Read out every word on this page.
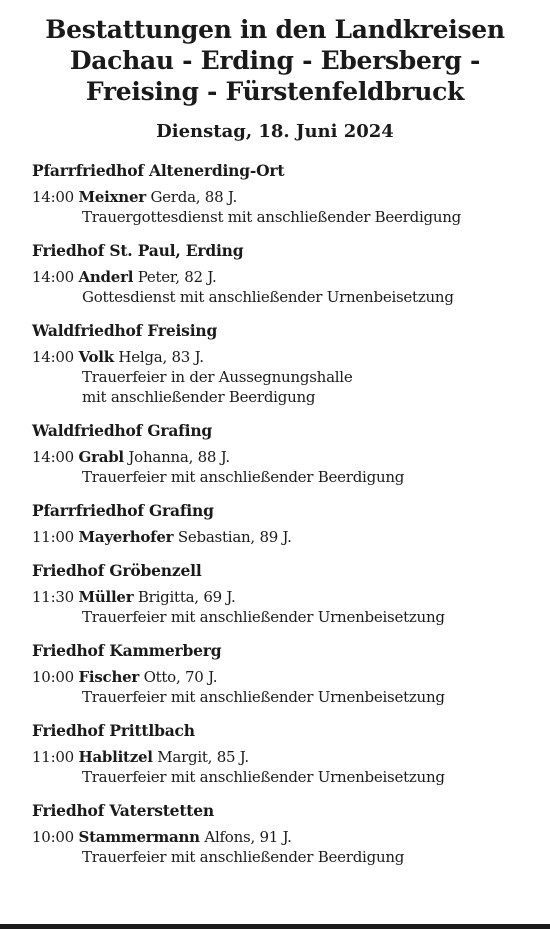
Bestattungen in den Landkreisen
Dachau - Erding - Ebersberg -
Freising - Fürstenfeldbruck
Dienstag, 18. Juni 2024
Pfarrfriedhof Altenerding-Ort
14:00 Meixner Gerda, 88 J.
Trauergottesdienst mit anschließender Beerdigung
Friedhof St. Paul, Erding
14:00 Anderl Peter, 82 J.
Gottesdienst mit anschließender Urnenbeisetzung
Waldfriedhof Freising
14:00 Volk Helga, 83 J.
Trauerfeier in der Aussegnungshalle
mit anschließender Beerdigung
Waldfriedhof Grafing
14:00 Grabl Johanna, 88 J.
Trauerfeier mit anschließender Beerdigung
Pfarrfriedhof Grafing
11:00 Mayerhofer Sebastian, 89 J.
Friedhof Gröbenzell
11:30 Müller Brigitta, 69 J.
Trauerfeier mit anschließender Urnenbeisetzung
Friedhof Kammerberg
10:00 Fischer Otto, 70 J.
Trauerfeier mit anschließender Urnenbeisetzung
Friedhof Prittlbach
11:00 Hablitzel Margit, 85 J.
Trauerfeier mit anschließender Urnenbeisetzung
Friedhof Vaterstetten
10:00 Stammermann Alfons, 91 J.
Trauerfeier mit anschließender Beerdigung
